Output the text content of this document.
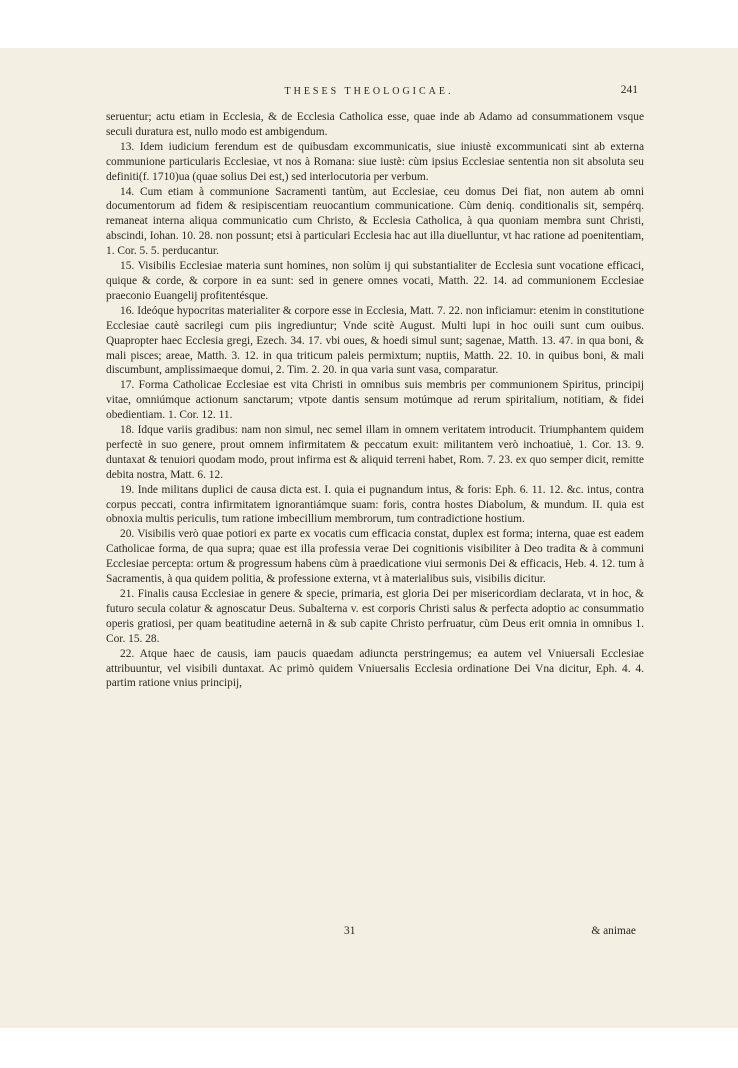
THESES THEOLOGICAE.	241

seruentur; actu etiam in Ecclesia, & de Ecclesia Catholica esse, quae inde ab Adamo ad consummationem vsque seculi duratura est, nullo modo est ambigendum.

13. Idem iudicium ferendum est de quibusdam excommunicatis, siue iniustè excommunicati sint ab externa communione particularis Ecclesiae, vt nos à Romana: siue iustè: cùm ipsius Ecclesiae sententia non sit absoluta seu definiti(f. 1710)ua (quae solius Dei est,) sed interlocutoria per verbum.

14. Cum etiam à communione Sacramenti tantùm, aut Ecclesiae, ceu domus Dei fiat, non autem ab omni documentorum ad fidem & resipiscentiam reuocantium communicatione. Cùm deniq. conditionalis sit, sempérq. remaneat interna aliqua communicatio cum Christo, & Ecclesia Catholica, à qua quoniam membra sunt Christi, abscindi, Iohan. 10. 28. non possunt; etsi à particulari Ecclesia hac aut illa diuelluntur, vt hac ratione ad poenitentiam, 1. Cor. 5. 5. perducantur.

15. Visibilis Ecclesiae materia sunt homines, non solùm ij qui substantialiter de Ecclesia sunt vocatione efficaci, quique & corde, & corpore in ea sunt: sed in genere omnes vocati, Matth. 22. 14. ad communionem Ecclesiae praeconio Euangelij profitentésque.

16. Ideóque hypocritas materialiter & corpore esse in Ecclesia, Matt. 7. 22. non inficiamur: etenim in constitutione Ecclesiae cautè sacrilegi cum piis ingrediuntur; Vnde scitè August. Multi lupi in hoc ouili sunt cum ouibus. Quapropter haec Ecclesia gregi, Ezech. 34. 17. vbi oues, & hoedi simul sunt; sagenae, Matth. 13. 47. in qua boni, & mali pisces; areae, Matth. 3. 12. in qua triticum paleis permixtum; nuptiis, Matth. 22. 10. in quibus boni, & mali discumbunt, amplissimaeque domui, 2. Tim. 2. 20. in qua varia sunt vasa, comparatur.

17. Forma Catholicae Ecclesiae est vita Christi in omnibus suis membris per communionem Spiritus, principij vitae, omniúmque actionum sanctarum; vtpote dantis sensum motúmque ad rerum spiritalium, notitiam, & fidei obedientiam. 1. Cor. 12. 11.

18. Idque variis gradibus: nam non simul, nec semel illam in omnem veritatem introducit. Triumphantem quidem perfectè in suo genere, prout omnem infirmitatem & peccatum exuit: militantem verò inchoatiuè, 1. Cor. 13. 9. duntaxat & tenuiori quodam modo, prout infirma est & aliquid terreni habet, Rom. 7. 23. ex quo semper dicit, remitte debita nostra, Matt. 6. 12.

19. Inde militans duplici de causa dicta est. I. quia ei pugnandum intus, & foris: Eph. 6. 11. 12. &c. intus, contra corpus peccati, contra infirmitatem ignorantiámque suam: foris, contra hostes Diabolum, & mundum. II. quia est obnoxia multis periculis, tum ratione imbecillium membrorum, tum contradictione hostium.

20. Visibilis verò quae potiori ex parte ex vocatis cum efficacia constat, duplex est forma; interna, quae est eadem Catholicae forma, de qua supra; quae est illa professia verae Dei cognitionis visibiliter à Deo tradita & à communi Ecclesiae percepta: ortum & progressum habens cùm à praedicatione viui sermonis Dei & efficacis, Heb. 4. 12. tum à Sacramentis, à qua quidem politia, & professione externa, vt à materialibus suis, visibilis dicitur.

21. Finalis causa Ecclesiae in genere & specie, primaria, est gloria Dei per misericordiam declarata, vt in hoc, & futuro secula colatur & agnoscatur Deus. Subalterna v. est corporis Christi salus & perfecta adoptio ac consummatio operis gratiosi, per quam beatitudine aeternâ in & sub capite Christo perfruatur, cùm Deus erit omnia in omnibus 1. Cor. 15. 28.

22. Atque haec de causis, iam paucis quaedam adiuncta perstringemus; ea autem vel Vniuersali Ecclesiae attribuuntur, vel visibili duntaxat. Ac primò quidem Vniuersalis Ecclesia ordinatione Dei Vna dicitur, Eph. 4. 4. partim ratione vnius principij,

31	& animae
